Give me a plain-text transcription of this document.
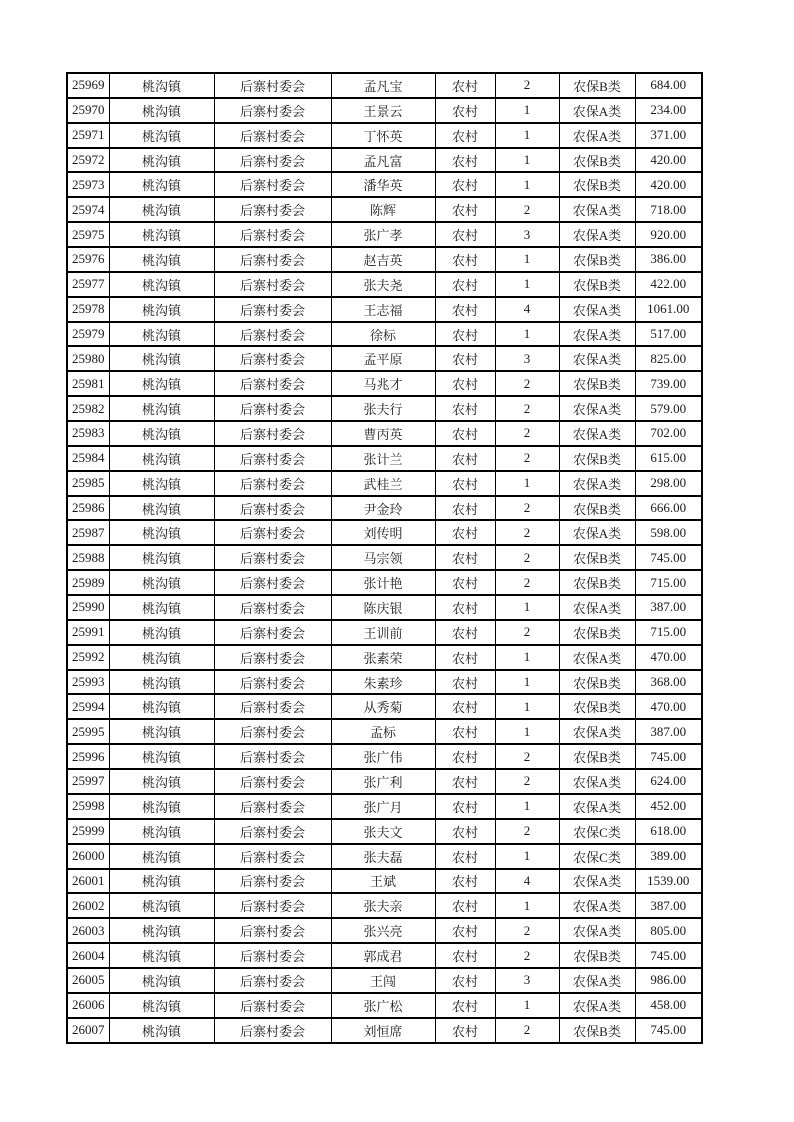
25969	桃沟镇	后寨村委会	孟凡宝	农村	2	农保B类	684.00
25970	桃沟镇	后寨村委会	王景云	农村	1	农保A类	234.00
25971	桃沟镇	后寨村委会	丁怀英	农村	1	农保A类	371.00
25972	桃沟镇	后寨村委会	孟凡富	农村	1	农保B类	420.00
25973	桃沟镇	后寨村委会	潘华英	农村	1	农保B类	420.00
25974	桃沟镇	后寨村委会	陈辉	农村	2	农保A类	718.00
25975	桃沟镇	后寨村委会	张广孝	农村	3	农保A类	920.00
25976	桃沟镇	后寨村委会	赵吉英	农村	1	农保B类	386.00
25977	桃沟镇	后寨村委会	张夫尧	农村	1	农保B类	422.00
25978	桃沟镇	后寨村委会	王志福	农村	4	农保A类	1061.00
25979	桃沟镇	后寨村委会	徐标	农村	1	农保A类	517.00
25980	桃沟镇	后寨村委会	孟平原	农村	3	农保A类	825.00
25981	桃沟镇	后寨村委会	马兆才	农村	2	农保B类	739.00
25982	桃沟镇	后寨村委会	张夫行	农村	2	农保A类	579.00
25983	桃沟镇	后寨村委会	曹丙英	农村	2	农保A类	702.00
25984	桃沟镇	后寨村委会	张计兰	农村	2	农保B类	615.00
25985	桃沟镇	后寨村委会	武桂兰	农村	1	农保A类	298.00
25986	桃沟镇	后寨村委会	尹金玲	农村	2	农保B类	666.00
25987	桃沟镇	后寨村委会	刘传明	农村	2	农保A类	598.00
25988	桃沟镇	后寨村委会	马宗领	农村	2	农保B类	745.00
25989	桃沟镇	后寨村委会	张计艳	农村	2	农保B类	715.00
25990	桃沟镇	后寨村委会	陈庆银	农村	1	农保A类	387.00
25991	桃沟镇	后寨村委会	王训前	农村	2	农保B类	715.00
25992	桃沟镇	后寨村委会	张素荣	农村	1	农保A类	470.00
25993	桃沟镇	后寨村委会	朱素珍	农村	1	农保B类	368.00
25994	桃沟镇	后寨村委会	从秀菊	农村	1	农保B类	470.00
25995	桃沟镇	后寨村委会	孟标	农村	1	农保A类	387.00
25996	桃沟镇	后寨村委会	张广伟	农村	2	农保B类	745.00
25997	桃沟镇	后寨村委会	张广利	农村	2	农保A类	624.00
25998	桃沟镇	后寨村委会	张广月	农村	1	农保A类	452.00
25999	桃沟镇	后寨村委会	张夫文	农村	2	农保C类	618.00
26000	桃沟镇	后寨村委会	张夫磊	农村	1	农保C类	389.00
26001	桃沟镇	后寨村委会	王斌	农村	4	农保A类	1539.00
26002	桃沟镇	后寨村委会	张夫亲	农村	1	农保A类	387.00
26003	桃沟镇	后寨村委会	张兴亮	农村	2	农保A类	805.00
26004	桃沟镇	后寨村委会	郭成君	农村	2	农保B类	745.00
26005	桃沟镇	后寨村委会	王闯	农村	3	农保A类	986.00
26006	桃沟镇	后寨村委会	张广松	农村	1	农保A类	458.00
26007	桃沟镇	后寨村委会	刘恒席	农村	2	农保B类	745.00
